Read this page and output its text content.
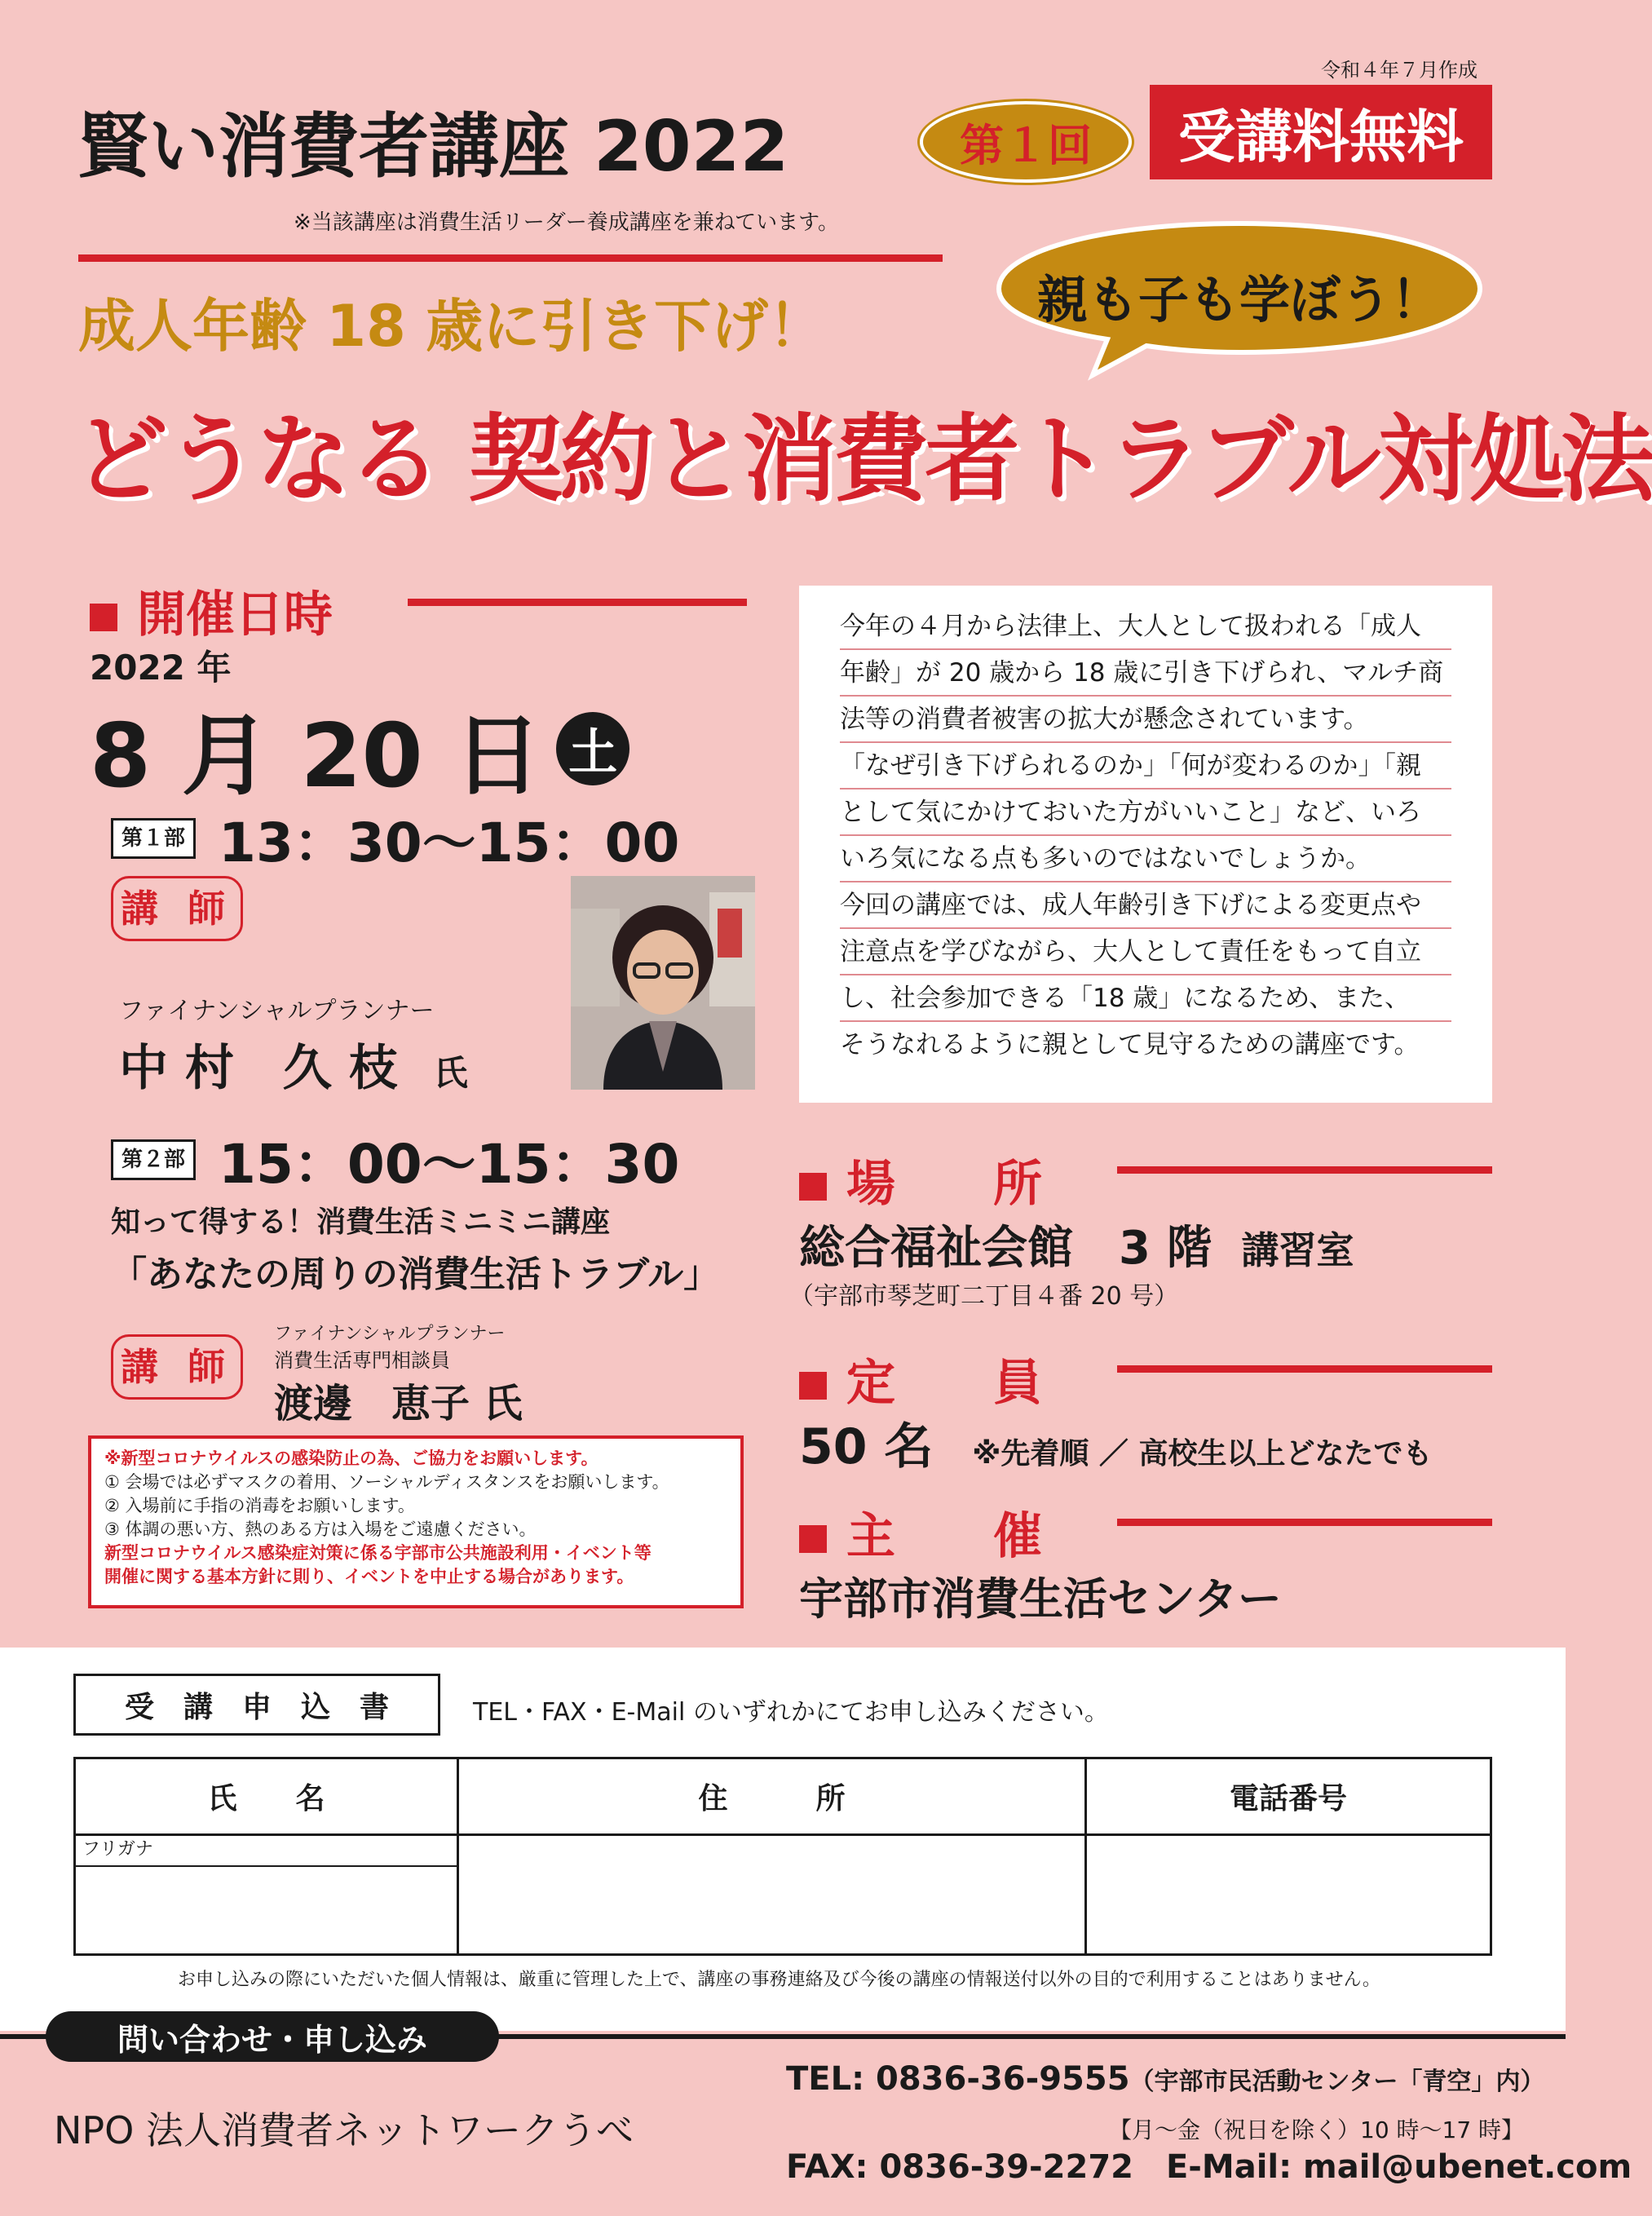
令和４年７月作成
賢い消費者講座 2022	第１回 受講料無料
※当該講座は消費生活リーダー養成講座を兼ねています。
親も子も学ぼう！
成人年齢 18 歳に引き下げ！
どうなる 契約と消費者トラブル対処法
開催日時
2022 年
8 月 20 日 土
第１部 13：30〜15：00
講 師
ファイナンシャルプランナー
中 村　久 枝 氏
第２部 15：00〜15：30
知って得する！消費生活ミニミニ講座
「あなたの周りの消費生活トラブル」
講 師
ファイナンシャルプランナー
消費生活専門相談員
渡邊　恵子 氏
※新型コロナウイルスの感染防止の為、ご協力をお願いします。
① 会場では必ずマスクの着用、ソーシャルディスタンスをお願いします。
② 入場前に手指の消毒をお願いします。
③ 体調の悪い方、熱のある方は入場をご遠慮ください。
新型コロナウイルス感染症対策に係る宇部市公共施設利用・イベント等
開催に関する基本方針に則り、イベントを中止する場合があります。
今年の４月から法律上、大人として扱われる「成人
年齢」が 20 歳から 18 歳に引き下げられ、マルチ商
法等の消費者被害の拡大が懸念されています。
「なぜ引き下げられるのか」「何が変わるのか」「親
として気にかけておいた方がいいこと」など、いろ
いろ気になる点も多いのではないでしょうか。
今回の講座では、成人年齢引き下げによる変更点や
注意点を学びながら、大人として責任をもって自立
し、社会参加できる「18 歳」になるため、また、
そうなれるように親として見守るための講座です。
場　　所
総合福祉会館　3 階 講習室
（宇部市琴芝町二丁目４番 20 号）
定　　員
50 名 ※先着順 ／ 高校生以上どなたでも
主　　催
宇部市消費生活センター
受　講　申　込　書	TEL・FAX・E-Mail のいずれかにてお申し込みください。
氏　　名	住　　　所	電話番号
フリガナ
お申し込みの際にいただいた個人情報は、厳重に管理した上で、講座の事務連絡及び今後の講座の情報送付以外の目的で利用することはありません。
問い合わせ・申し込み
NPO 法人消費者ネットワークうべ
TEL: 0836-36-9555（宇部市民活動センター「青空」内）
【月〜金（祝日を除く）10 時〜17 時】
FAX: 0836-39-2272 E-Mail: mail@ubenet.com
